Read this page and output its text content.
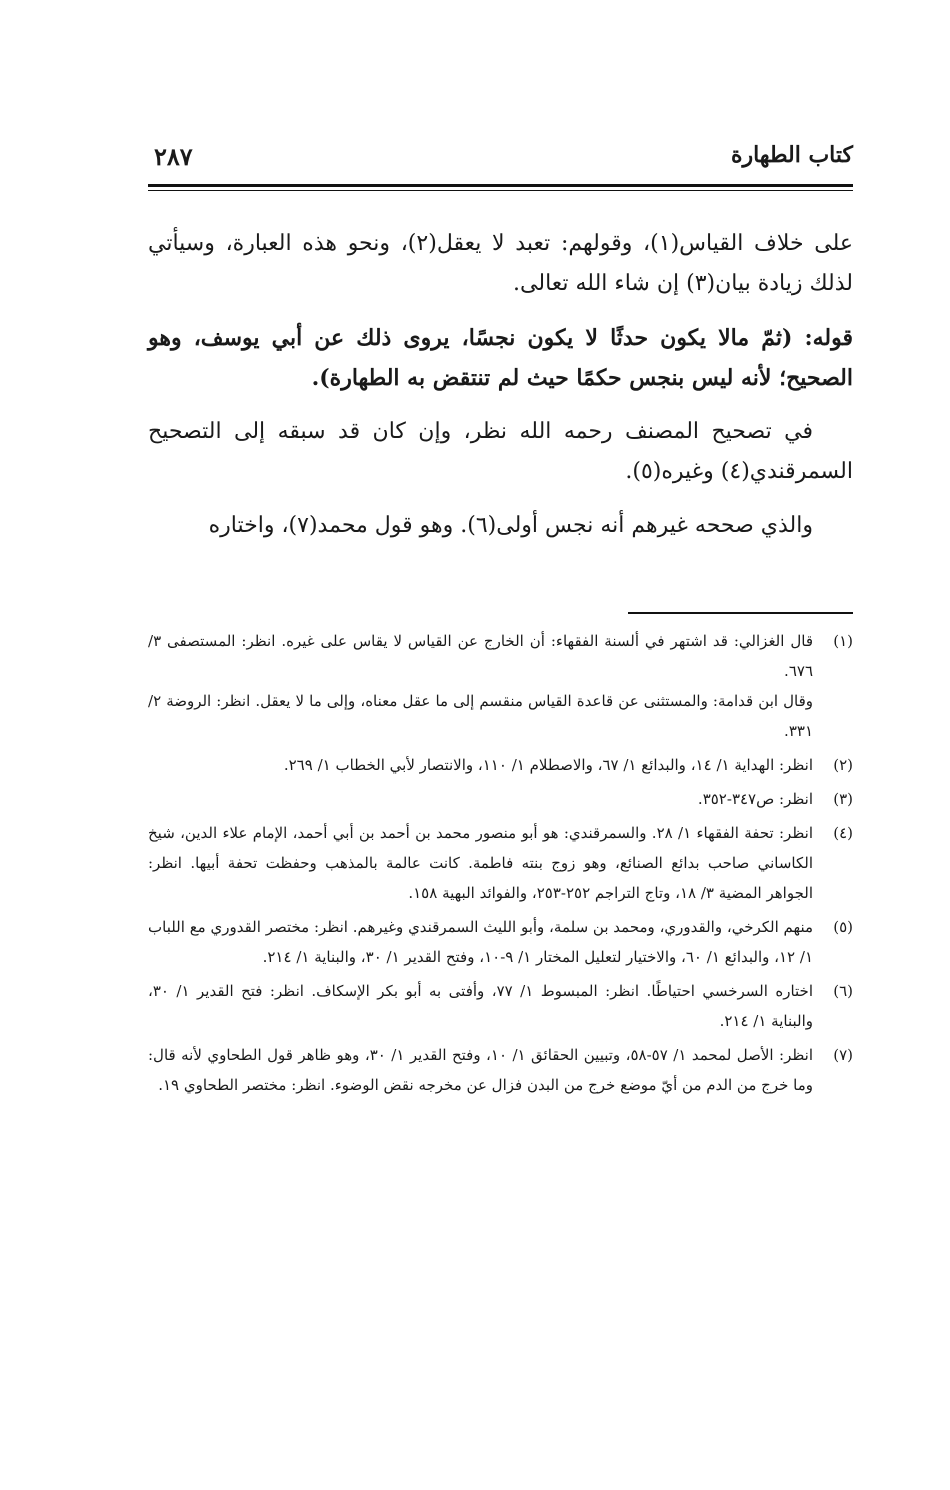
كتاب الطهارة
٢٨٧

على خلاف القياس(١)، وقولهم: تعبد لا يعقل(٢)، ونحو هذه العبارة، وسيأتي لذلك زيادة بيان(٣) إن شاء الله تعالى.

قوله: (ثمّ مالا يكون حدثًا لا يكون نجسًا، يروى ذلك عن أبي يوسف، وهو الصحيح؛ لأنه ليس بنجس حكمًا حيث لم تنتقض به الطهارة).

في تصحيح المصنف رحمه الله نظر، وإن كان قد سبقه إلى التصحيح السمرقندي(٤) وغيره(٥).

والذي صححه غيرهم أنه نجس أولى(٦). وهو قول محمد(٧)، واختاره

(١)
قال الغزالي: قد اشتهر في ألسنة الفقهاء: أن الخارج عن القياس لا يقاس على غيره. انظر: المستصفى ٣/ ٦٧٦.
وقال ابن قدامة: والمستثنى عن قاعدة القياس منقسم إلى ما عقل معناه، وإلى ما لا يعقل. انظر: الروضة ٢/ ٣٣١.
(٢)
انظر: الهداية ١/ ١٤، والبدائع ١/ ٦٧، والاصطلام ١/ ١١٠، والانتصار لأبي الخطاب ١/ ٢٦٩.
(٣)
انظر: ص٣٤٧-٣٥٢.
(٤)
انظر: تحفة الفقهاء ١/ ٢٨. والسمرقندي: هو أبو منصور محمد بن أحمد بن أبي أحمد، الإمام علاء الدين، شيخ الكاساني صاحب بدائع الصنائع، وهو زوج بنته فاطمة. كانت عالمة بالمذهب وحفظت تحفة أبيها. انظر: الجواهر المضية ٣/ ١٨، وتاج التراجم ٢٥٢-٢٥٣، والفوائد البهية ١٥٨.
(٥)
منهم الكرخي، والقدوري، ومحمد بن سلمة، وأبو الليث السمرقندي وغيرهم. انظر: مختصر القدوري مع اللباب ١/ ١٢، والبدائع ١/ ٦٠، والاختيار لتعليل المختار ١/ ٩-١٠، وفتح القدير ١/ ٣٠، والبناية ١/ ٢١٤.
(٦)
اختاره السرخسي احتياطًا. انظر: المبسوط ١/ ٧٧، وأفتى به أبو بكر الإسكاف. انظر: فتح القدير ١/ ٣٠، والبناية ١/ ٢١٤.
(٧)
انظر: الأصل لمحمد ١/ ٥٧-٥٨، وتبيين الحقائق ١/ ١٠، وفتح القدير ١/ ٣٠، وهو ظاهر قول الطحاوي لأنه قال: وما خرج من الدم من أيّ موضع خرج من البدن فزال عن مخرجه نقض الوضوء. انظر: مختصر الطحاوي ١٩.
